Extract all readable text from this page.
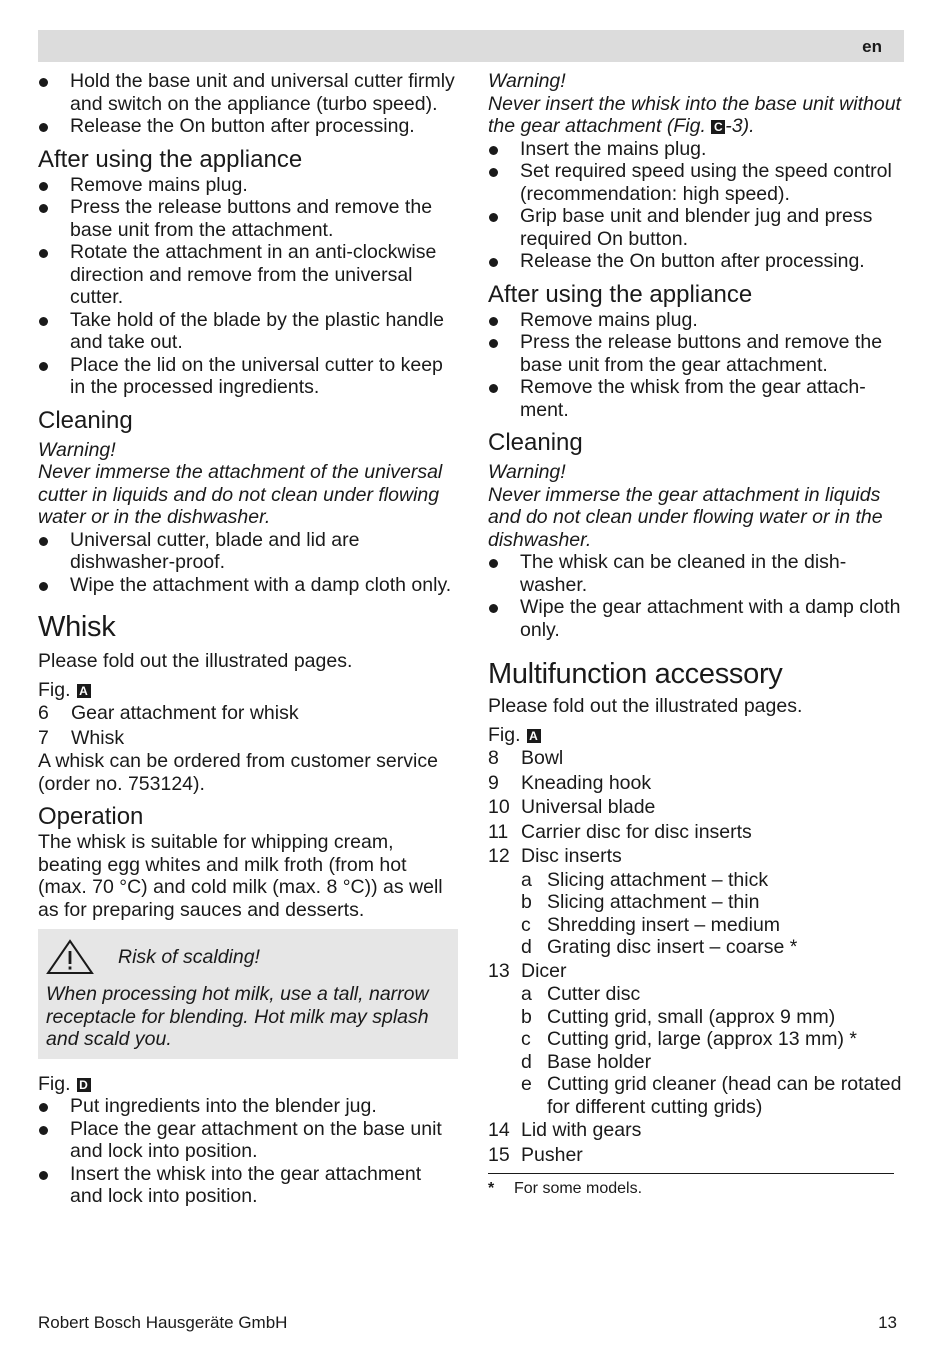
en
Hold the base unit and universal cutter firmly and switch on the appliance (turbo speed).
Release the On button after processing.
After using the appliance
Remove mains plug.
Press the release buttons and remove the base unit from the attachment.
Rotate the attachment in an anti-clockwise direction and remove from the universal cutter.
Take hold of the blade by the plastic handle and take out.
Place the lid on the universal cutter to keep in the processed ingredients.
Cleaning
Warning!
Never immerse the attachment of the universal cutter in liquids and do not clean under flowing water or in the dishwasher.
Universal cutter, blade and lid are dishwasher-proof.
Wipe the attachment with a damp cloth only.
Whisk
Please fold out the illustrated pages.
Fig. A
6	Gear attachment for whisk
7	Whisk
A whisk can be ordered from customer service (order no. 753124).
Operation
The whisk is suitable for whipping cream, beating egg whites and milk froth (from hot (max. 70 °C) and cold milk (max. 8 °C)) as well as for preparing sauces and desserts.
Risk of scalding!
When processing hot milk, use a tall, narrow receptacle for blending. Hot milk may splash and scald you.
Fig. D
Put ingredients into the blender jug.
Place the gear attachment on the base unit and lock into position.
Insert the whisk into the gear attachment and lock into position.
Warning!
Never insert the whisk into the base unit without the gear attachment (Fig. C -3).
Insert the mains plug.
Set required speed using the speed control (recommendation: high speed).
Grip base unit and blender jug and press required On button.
Release the On button after processing.
After using the appliance
Remove mains plug.
Press the release buttons and remove the base unit from the gear attachment.
Remove the whisk from the gear attach-ment.
Cleaning
Warning!
Never immerse the gear attachment in liquids and do not clean under flowing water or in the dishwasher.
The whisk can be cleaned in the dish-washer.
Wipe the gear attachment with a damp cloth only.
Multifunction accessory
Please fold out the illustrated pages.
Fig. A
8	Bowl
9	Kneading hook
10 Universal blade
11 Carrier disc for disc inserts
12 Disc inserts
a Slicing attachment – thick
b Slicing attachment – thin
c Shredding insert – medium
d Grating disc insert – coarse *
13 Dicer
a Cutter disc
b Cutting grid, small (approx 9 mm)
c Cutting grid, large (approx 13 mm) *
d Base holder
e Cutting grid cleaner (head can be rotated for different cutting grids)
14 Lid with gears
15 Pusher
*	For some models.
Robert Bosch Hausgeräte GmbH	13
